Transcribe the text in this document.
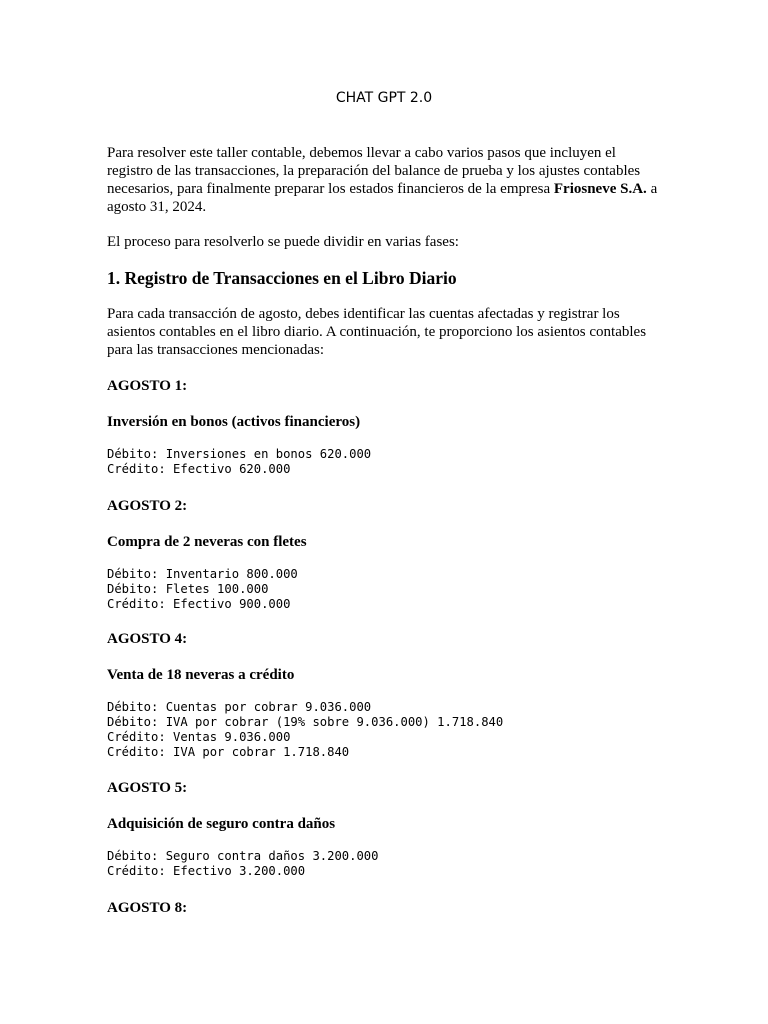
CHAT GPT 2.0

Para resolver este taller contable, debemos llevar a cabo varios pasos que incluyen el registro de las transacciones, la preparación del balance de prueba y los ajustes contables necesarios, para finalmente preparar los estados financieros de la empresa Friosneve S.A. a agosto 31, 2024.

El proceso para resolverlo se puede dividir en varias fases:

1. Registro de Transacciones en el Libro Diario

Para cada transacción de agosto, debes identificar las cuentas afectadas y registrar los asientos contables en el libro diario. A continuación, te proporciono los asientos contables para las transacciones mencionadas:

AGOSTO 1:
Inversión en bonos (activos financieros)
Débito: Inversiones en bonos 620.000
Crédito: Efectivo 620.000
AGOSTO 2:
Compra de 2 neveras con fletes
Débito: Inventario 800.000
Débito: Fletes 100.000
Crédito: Efectivo 900.000
AGOSTO 4:
Venta de 18 neveras a crédito
Débito: Cuentas por cobrar 9.036.000
Débito: IVA por cobrar (19% sobre 9.036.000) 1.718.840
Crédito: Ventas 9.036.000
Crédito: IVA por cobrar 1.718.840
AGOSTO 5:
Adquisición de seguro contra daños
Débito: Seguro contra daños 3.200.000
Crédito: Efectivo 3.200.000
AGOSTO 8:
